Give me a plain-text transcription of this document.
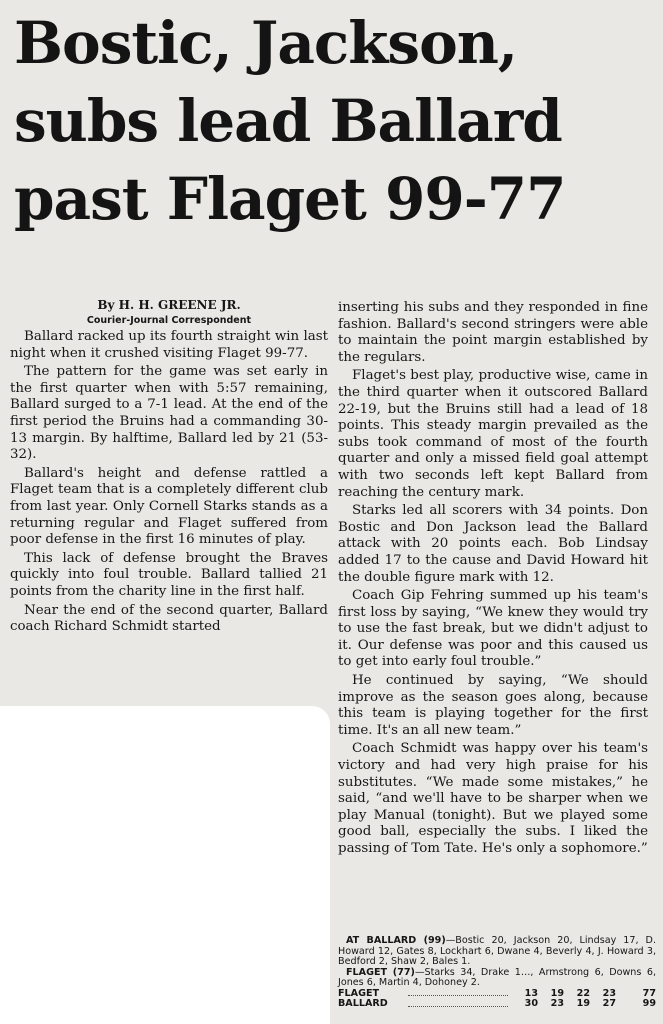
Bostic, Jackson,
subs lead Ballard
past Flaget 99-77

By H. H. GREENE JR.

Courier-Journal Correspondent

Ballard racked up its fourth straight win last night when it crushed visiting Flaget 99-77.

The pattern for the game was set early in the first quarter when with 5:57 remaining, Ballard surged to a 7-1 lead. At the end of the first period the Bruins had a commanding 30-13 margin. By halftime, Ballard led by 21 (53-32).

Ballard's height and defense rattled a Flaget team that is a completely different club from last year. Only Cornell Starks stands as a returning regular and Flaget suffered from poor defense in the first 16 minutes of play.

This lack of defense brought the Braves quickly into foul trouble. Ballard tallied 21 points from the charity line in the first half.

Near the end of the second quarter, Ballard coach Richard Schmidt started

inserting his subs and they responded in fine fashion. Ballard's second stringers were able to maintain the point margin established by the regulars.

Flaget's best play, productive wise, came in the third quarter when it outscored Ballard 22-19, but the Bruins still had a lead of 18 points. This steady margin prevailed as the subs took command of most of the fourth quarter and only a missed field goal attempt with two seconds left kept Ballard from reaching the century mark.

Starks led all scorers with 34 points. Don Bostic and Don Jackson lead the Ballard attack with 20 points each. Bob Lindsay added 17 to the cause and David Howard hit the double figure mark with 12.

Coach Gip Fehring summed up his team's first loss by saying, “We knew they would try to use the fast break, but we didn't adjust to it. Our defense was poor and this caused us to get into early foul trouble.”

He continued by saying, “We should improve as the season goes along, because this team is playing together for the first time. It's an all new team.”

Coach Schmidt was happy over his team's victory and had very high praise for his substitutes. “We made some mistakes,” he said, “and we'll have to be sharper when we play Manual (tonight). But we played some good ball, especially the subs. I liked the passing of Tom Tate. He's only a sophomore.”

AT BALLARD (99)—Bostic 20, Jackson 20, Lindsay 17, D. Howard 12, Gates 8, Lockhart 6, Dwane 4, Beverly 4, J. Howard 3, Bedford 2, Shaw 2, Bales 1.

FLAGET (77)—Starks 34, Drake 1…, Armstrong 6, Downs 6, Jones 6, Martin 4, Dohoney 2.

FLAGET	13	19	22	23	77
BALLARD	30	23	19	27	99
